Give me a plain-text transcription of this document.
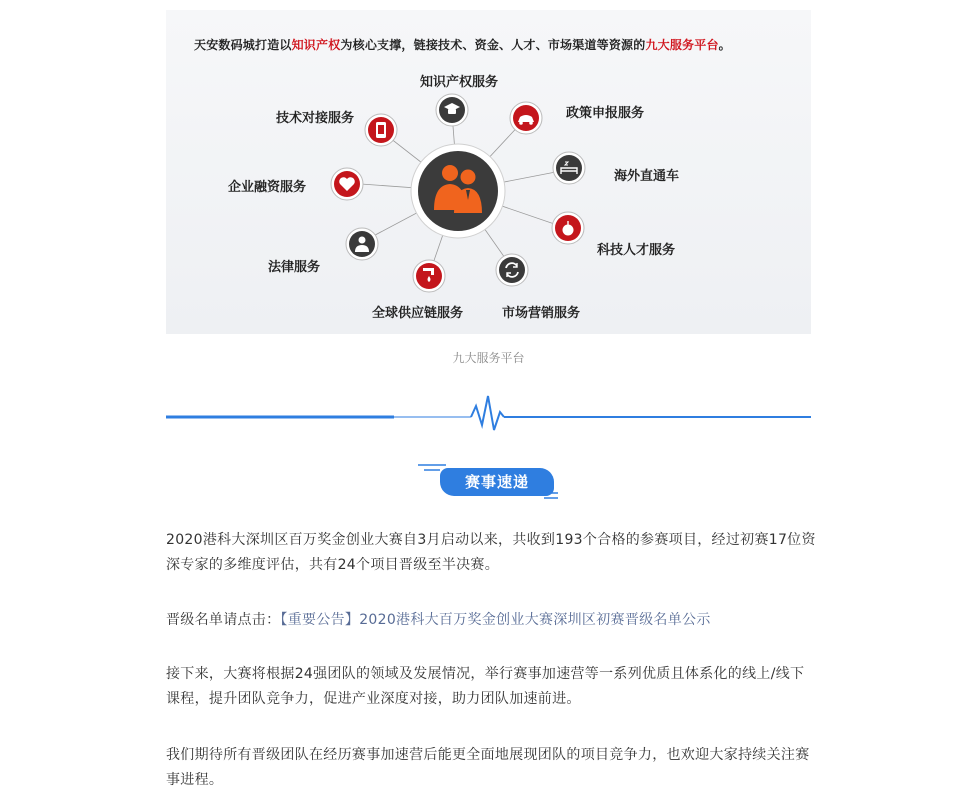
天安数码城打造以知识产权为核心支撑，链接技术、资金、人才、市场渠道等资源的九大服务平台。
知识产权服务
政策申报服务
海外直通车
科技人才服务
市场营销服务
全球供应链服务
法律服务
企业融资服务
技术对接服务
九大服务平台
赛事速递
2020港科大深圳区百万奖金创业大赛自3月启动以来，共收到193个合格的参赛项目，经过初赛17位资深专家的多维度评估，共有24个项目晋级至半决赛。
晋级名单请点击：【重要公告】2020港科大百万奖金创业大赛深圳区初赛晋级名单公示
接下来，大赛将根据24强团队的领域及发展情况，举行赛事加速营等一系列优质且体系化的线上/线下课程，提升团队竞争力，促进产业深度对接，助力团队加速前进。
我们期待所有晋级团队在经历赛事加速营后能更全面地展现团队的项目竞争力，也欢迎大家持续关注赛事进程。
